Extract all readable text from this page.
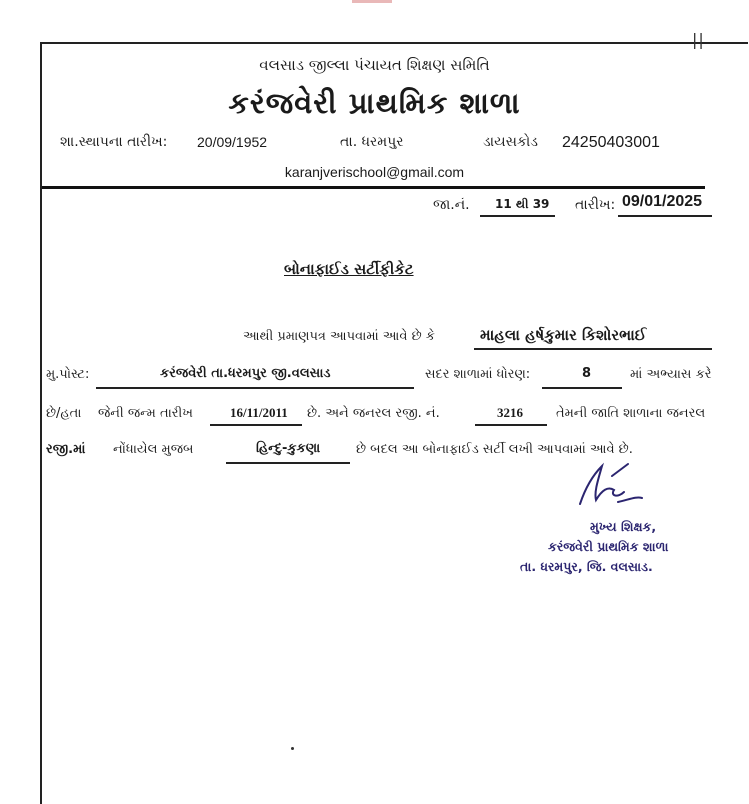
||
વલસાડ જીલ્લા પંચાયત શિક્ષણ સમિતિ
કરંજવેરી પ્રાથમિક શાળા
શા.સ્થાપના તારીખ: 20/09/1952	તા. ધરમપુર	ડાયસકોડ 24250403001
karanjverischool@gmail.com
જા.નં. 11 થી 39 તારીખ: 09/01/2025
બોનાફાઈડ સર્ટીફીકેટ
આથી પ્રમાણપત્ર આપવામાં આવે છે કે	માહલા હર્ષકુમાર કિશોરભાઈ
મુ.પોસ્ટ:	કરંજવેરી તા.ધરમપુર જી.વલસાડ	સદર શાળામાં ધોરણ:	8	માં અભ્યાસ કરે
છે/હતા જેની જન્મ તારીખ	16/11/2011 છે. અને જનરલ રજી. નં.	3216	તેમની જાતિ શાળાના જનરલ
રજી.માં નોંધાયેલ મુજબ	હિન્દુ-કુકણા	છે બદલ આ બોનાફાઈડ સર્ટી લખી આપવામાં આવે છે.
મુખ્ય શિક્ષક,
કરંજવેરી પ્રાથમિક શાળા
તા. ધરમપુર, જિ. વલસાડ.
